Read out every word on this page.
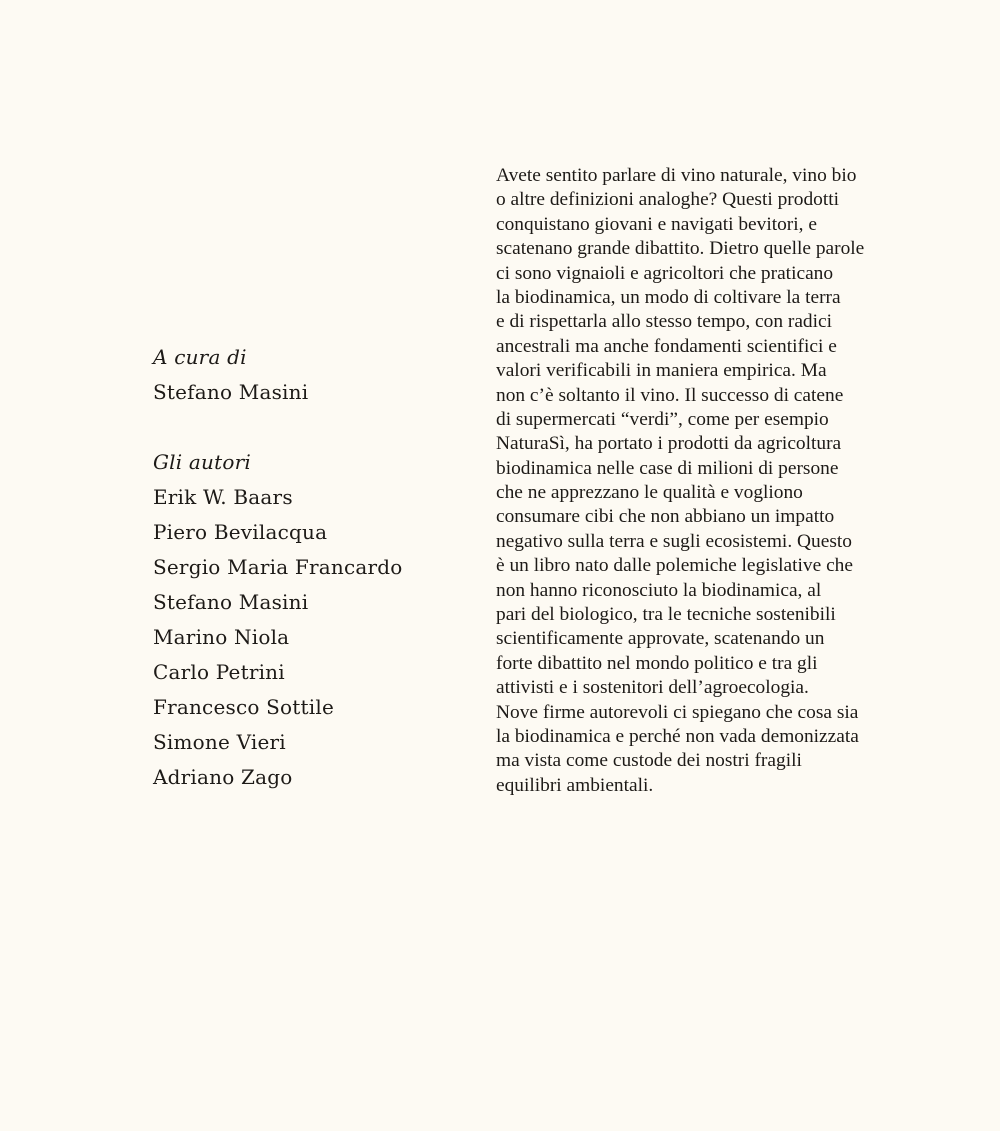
A cura di
Stefano Masini
Gli autori
Erik W. Baars
Piero Bevilacqua
Sergio Maria Francardo
Stefano Masini
Marino Niola
Carlo Petrini
Francesco Sottile
Simone Vieri
Adriano Zago
Avete sentito parlare di vino naturale, vino bio
o altre definizioni analoghe? Questi prodotti
conquistano giovani e navigati bevitori, e
scatenano grande dibattito. Dietro quelle parole
ci sono vignaioli e agricoltori che praticano
la biodinamica, un modo di coltivare la terra
e di rispettarla allo stesso tempo, con radici
ancestrali ma anche fondamenti scientifici e
valori verificabili in maniera empirica. Ma
non c’è soltanto il vino. Il successo di catene
di supermercati “verdi”, come per esempio
NaturaSì, ha portato i prodotti da agricoltura
biodinamica nelle case di milioni di persone
che ne apprezzano le qualità e vogliono
consumare cibi che non abbiano un impatto
negativo sulla terra e sugli ecosistemi. Questo
è un libro nato dalle polemiche legislative che
non hanno riconosciuto la biodinamica, al
pari del biologico, tra le tecniche sostenibili
scientificamente approvate, scatenando un
forte dibattito nel mondo politico e tra gli
attivisti e i sostenitori dell’agroecologia.
Nove firme autorevoli ci spiegano che cosa sia
la biodinamica e perché non vada demonizzata
ma vista come custode dei nostri fragili
equilibri ambientali.
